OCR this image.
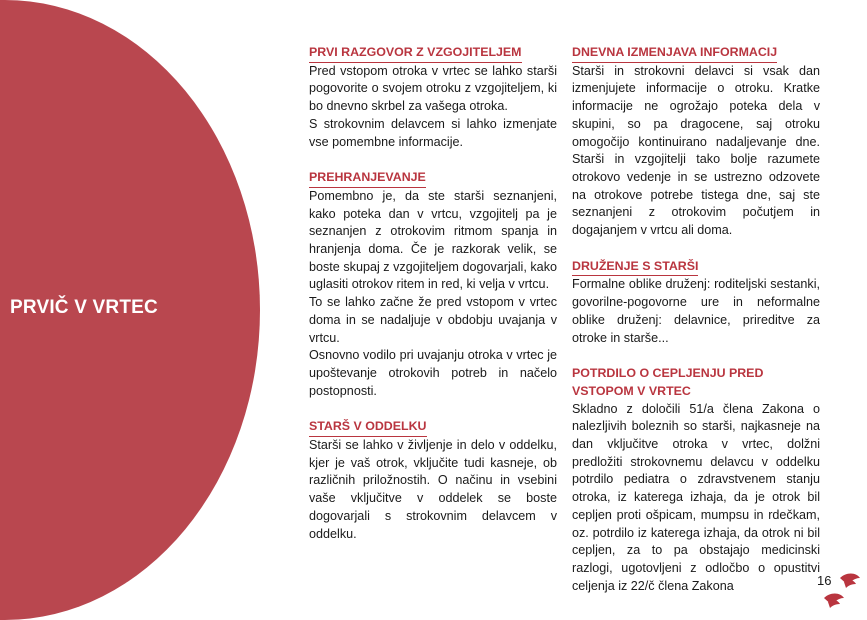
PRVIČ V VRTEC
PRVI RAZGOVOR Z VZGOJITELJEM
Pred vstopom otroka v vrtec se lahko starši pogovorite o svojem otroku z vzgojiteljem, ki bo dnevno skrbel za vašega otroka.
S strokovnim delavcem si lahko izmenjate vse pomembne informacije.
PREHRANJEVANJE
Pomembno je, da ste starši seznanjeni, kako poteka dan v vrtcu, vzgojitelj pa je seznanjen z otrokovim ritmom spanja in hranjenja doma. Če je razkorak velik, se boste skupaj z vzgojiteljem dogovarjali, kako uglasiti otrokov ritem in red, ki velja v vrtcu.
To se lahko začne že pred vstopom v vrtec doma in se nadaljuje v obdobju uvajanja v vrtcu.
Osnovno vodilo pri uvajanju otroka v vrtec je upoštevanje otrokovih potreb in načelo postopnosti.
STARŠ V ODDELKU
Starši se lahko v življenje in delo v oddelku, kjer je vaš otrok, vključite tudi kasneje, ob različnih priložnostih. O načinu in vsebini vaše vključitve v oddelek se boste dogovarjali s strokovnim delavcem v oddelku.
DNEVNA IZMENJAVA INFORMACIJ
Starši in strokovni delavci si vsak dan izmenjujete informacije o otroku. Kratke informacije ne ogrožajo poteka dela v skupini, so pa dragocene, saj otroku omogočijo kontinuirano nadaljevanje dne. Starši in vzgojitelji tako bolje razumete otrokovo vedenje in se ustrezno odzovete na otrokove potrebe tistega dne, saj ste seznanjeni z otrokovim počutjem in dogajanjem v vrtcu ali doma.
DRUŽENJE S STARŠI
Formalne oblike druženj: roditeljski sestanki, govorilne-pogovorne ure in neformalne oblike druženj: delavnice, prireditve za otroke in starše...
POTRDILO O CEPLJENJU PRED VSTOPOM V VRTEC
Skladno z določili 51/a člena Zakona o nalezljivih boleznih so starši, najkasneje na dan vključitve otroka v vrtec, dolžni predložiti strokovnemu delavcu v oddelku potrdilo pediatra o zdravstvenem stanju otroka, iz katerega izhaja, da je otrok bil cepljen proti ošpicam, mumpsu in rdečkam, oz. potrdilo iz katerega izhaja, da otrok ni bil cepljen, za to pa obstajajo medicinski razlogi, ugotovljeni z odločbo o opustitvi celjenja iz 22/č člena Zakona	16
